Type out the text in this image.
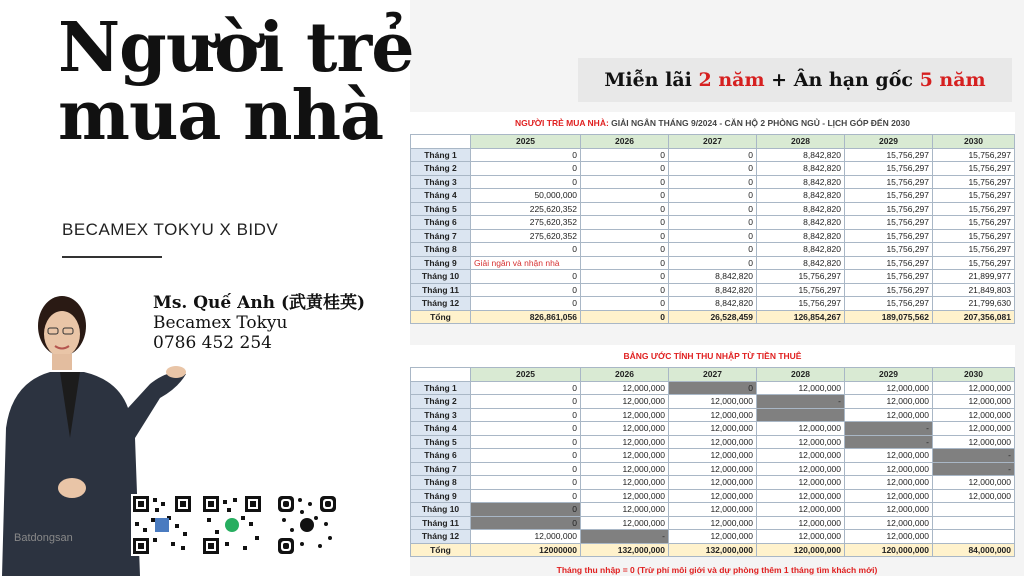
Người trẻ
mua nhà
BECAMEX TOKYU X BIDV
Ms. Quế Anh (武黄桂英)
Becamex Tokyu
0786 452 254
Batdongsan
Miễn lãi 2 năm + Ân hạn gốc 5 năm
NGƯỜI TRẺ MUA NHÀ: GIẢI NGÂN THÁNG 9/2024 - CĂN HỘ 2 PHÒNG NGỦ - LỊCH GÓP ĐẾN 2030
	2025	2026	2027	2028	2029	2030
Tháng 1	0	0	0	8,842,820	15,756,297	15,756,297
Tháng 2	0	0	0	8,842,820	15,756,297	15,756,297
Tháng 3	0	0	0	8,842,820	15,756,297	15,756,297
Tháng 4	50,000,000	0	0	8,842,820	15,756,297	15,756,297
Tháng 5	225,620,352	0	0	8,842,820	15,756,297	15,756,297
Tháng 6	275,620,352	0	0	8,842,820	15,756,297	15,756,297
Tháng 7	275,620,352	0	0	8,842,820	15,756,297	15,756,297
Tháng 8	0	0	0	8,842,820	15,756,297	15,756,297
Tháng 9	Giải ngân và nhận nhà	0	0	8,842,820	15,756,297	15,756,297
Tháng 10	0	0	8,842,820	15,756,297	15,756,297	21,899,977
Tháng 11	0	0	8,842,820	15,756,297	15,756,297	21,849,803
Tháng 12	0	0	8,842,820	15,756,297	15,756,297	21,799,630
Tổng	826,861,056	0	26,528,459	126,854,267	189,075,562	207,356,081
BẢNG ƯỚC TÍNH THU NHẬP TỪ TIỀN THUÊ
	2025	2026	2027	2028	2029	2030
Tháng 1	0	12,000,000	0	12,000,000	12,000,000	12,000,000
Tháng 2	0	12,000,000	12,000,000	-	12,000,000	12,000,000
Tháng 3	0	12,000,000	12,000,000		12,000,000	12,000,000
Tháng 4	0	12,000,000	12,000,000	12,000,000	-	12,000,000
Tháng 5	0	12,000,000	12,000,000	12,000,000	-	12,000,000
Tháng 6	0	12,000,000	12,000,000	12,000,000	12,000,000	-
Tháng 7	0	12,000,000	12,000,000	12,000,000	12,000,000	-
Tháng 8	0	12,000,000	12,000,000	12,000,000	12,000,000	12,000,000
Tháng 9	0	12,000,000	12,000,000	12,000,000	12,000,000	12,000,000
Tháng 10	0	12,000,000	12,000,000	12,000,000	12,000,000	
Tháng 11	0	12,000,000	12,000,000	12,000,000	12,000,000	
Tháng 12	12,000,000	-	12,000,000	12,000,000	12,000,000	
Tổng	12000000	132,000,000	132,000,000	120,000,000	120,000,000	84,000,000
Tháng thu nhập = 0 (Trừ phí môi giới và dự phòng thêm 1 tháng tìm khách mới)
